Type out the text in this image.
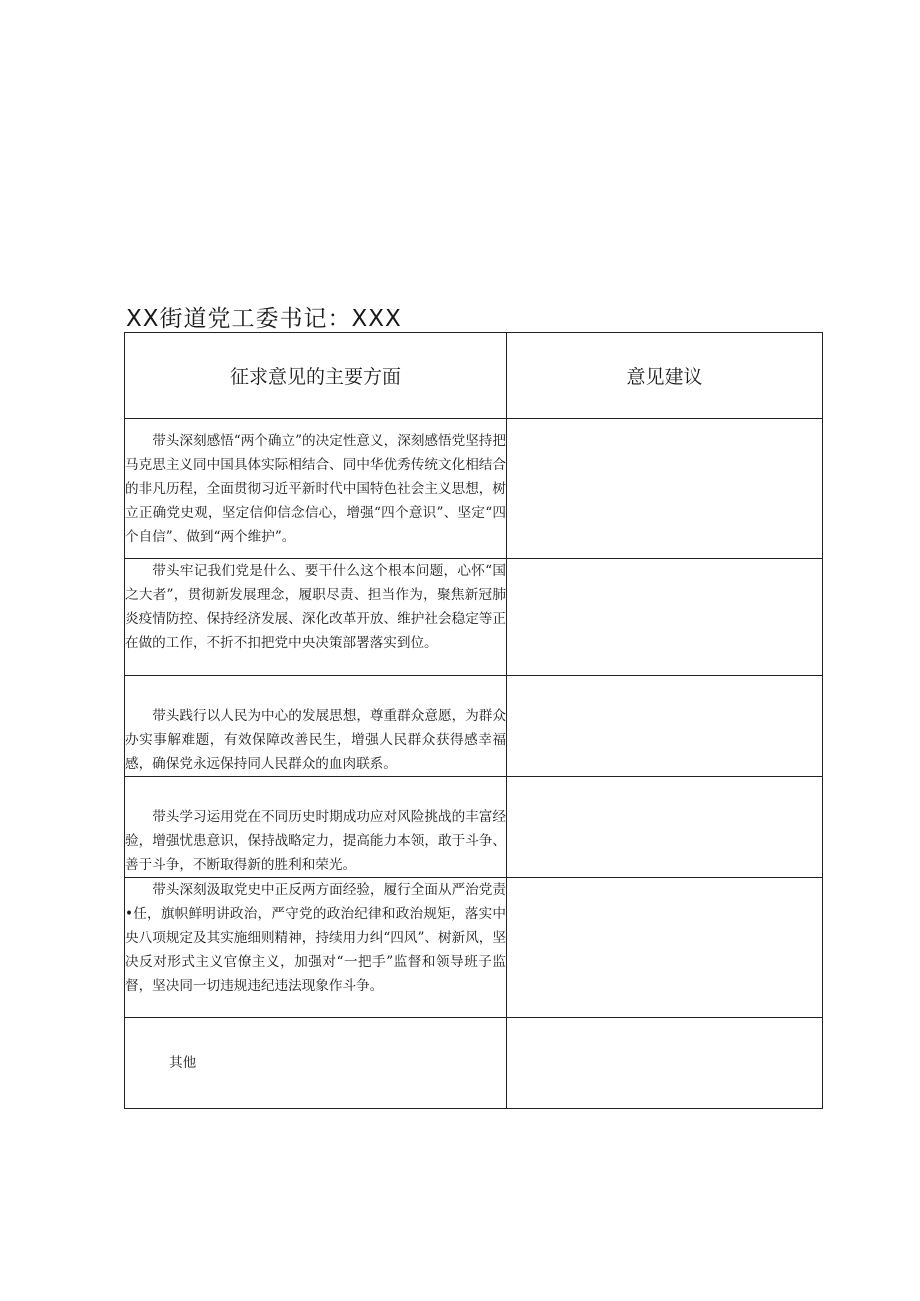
XX街道党工委书记：XXX
征求意见的主要方面	意见建议
带头深刻感悟“两个确立”的决定性意义，深刻感悟党坚持把马克思主义同中国具体实际相结合、同中华优秀传统文化相结合的非凡历程，全面贯彻习近平新时代中国特色社会主义思想，树立正确党史观，坚定信仰信念信心，增强“四个意识”、坚定“四个自信”、做到“两个维护”。	
带头牢记我们党是什么、要干什么这个根本问题，心怀“国之大者”，贯彻新发展理念，履职尽责、担当作为，聚焦新冠肺炎疫情防控、保持经济发展、深化改革开放、维护社会稳定等正在做的工作，不折不扣把党中央决策部署落实到位。	
带头践行以人民为中心的发展思想，尊重群众意愿，为群众办实事解难题，有效保障改善民生，增强人民群众获得感幸福感，确保党永远保持同人民群众的血肉联系。	
带头学习运用党在不同历史时期成功应对风险挑战的丰富经验，增强忧患意识，保持战略定力，提高能力本领，敢于斗争、善于斗争，不断取得新的胜利和荣光。	
带头深刻汲取党史中正反两方面经验，履行全面从严治党责•任，旗帜鲜明讲政治，严守党的政治纪律和政治规矩，落实中央八项规定及其实施细则精神，持续用力纠“四风”、树新风，坚决反对形式主义官僚主义，加强对“一把手”监督和领导班子监督，坚决同一切违规违纪违法现象作斗争。	
其他	
